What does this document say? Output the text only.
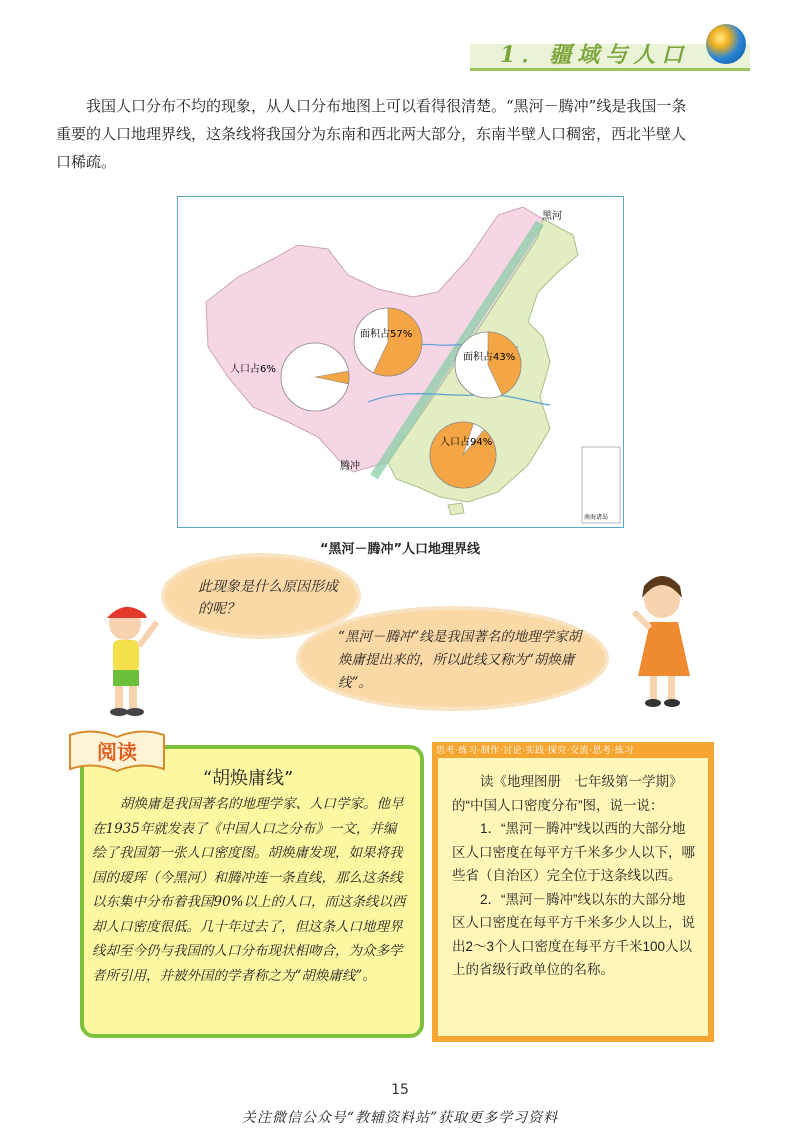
1．疆域与人口

我国人口分布不均的现象，从人口分布地图上可以看得很清楚。“黑河－腾冲”线是我国一条重要的人口地理界线，这条线将我国分为东南和西北两大部分，东南半壁人口稠密，西北半壁人口稀疏。

黑河
腾冲
南海诸岛
面积占57%
人口占6%
面积占43%
人口占94%
“黑河－腾冲”人口地理界线
此现象是什么原因形成的呢？
“黑河－腾冲”线是我国著名的地理学家胡焕庸提出来的，所以此线又称为“胡焕庸线”。
阅读
“胡焕庸线”

胡焕庸是我国著名的地理学家、人口学家。他早在1935年就发表了《中国人口之分布》一文，并编绘了我国第一张人口密度图。胡焕庸发现，如果将我国的瑷珲（今黑河）和腾冲连一条直线，那么这条线以东集中分布着我国90%以上的人口，而这条线以西却人口密度很低。几十年过去了，但这条人口地理界线却至今仍与我国的人口分布现状相吻合，为众多学者所引用，并被外国的学者称之为“胡焕庸线”。

思考·练习·制作·讨论·实践·探究·交流·思考·练习

读《地理图册　七年级第一学期》的“中国人口密度分布”图，说一说：

1．“黑河－腾冲”线以西的大部分地区人口密度在每平方千米多少人以下，哪些省（自治区）完全位于这条线以西。

2．“黑河－腾冲”线以东的大部分地区人口密度在每平方千米多少人以上，说出2～3个人口密度在每平方千米100人以上的省级行政单位的名称。

15
关注微信公众号“教辅资料站”获取更多学习资料
